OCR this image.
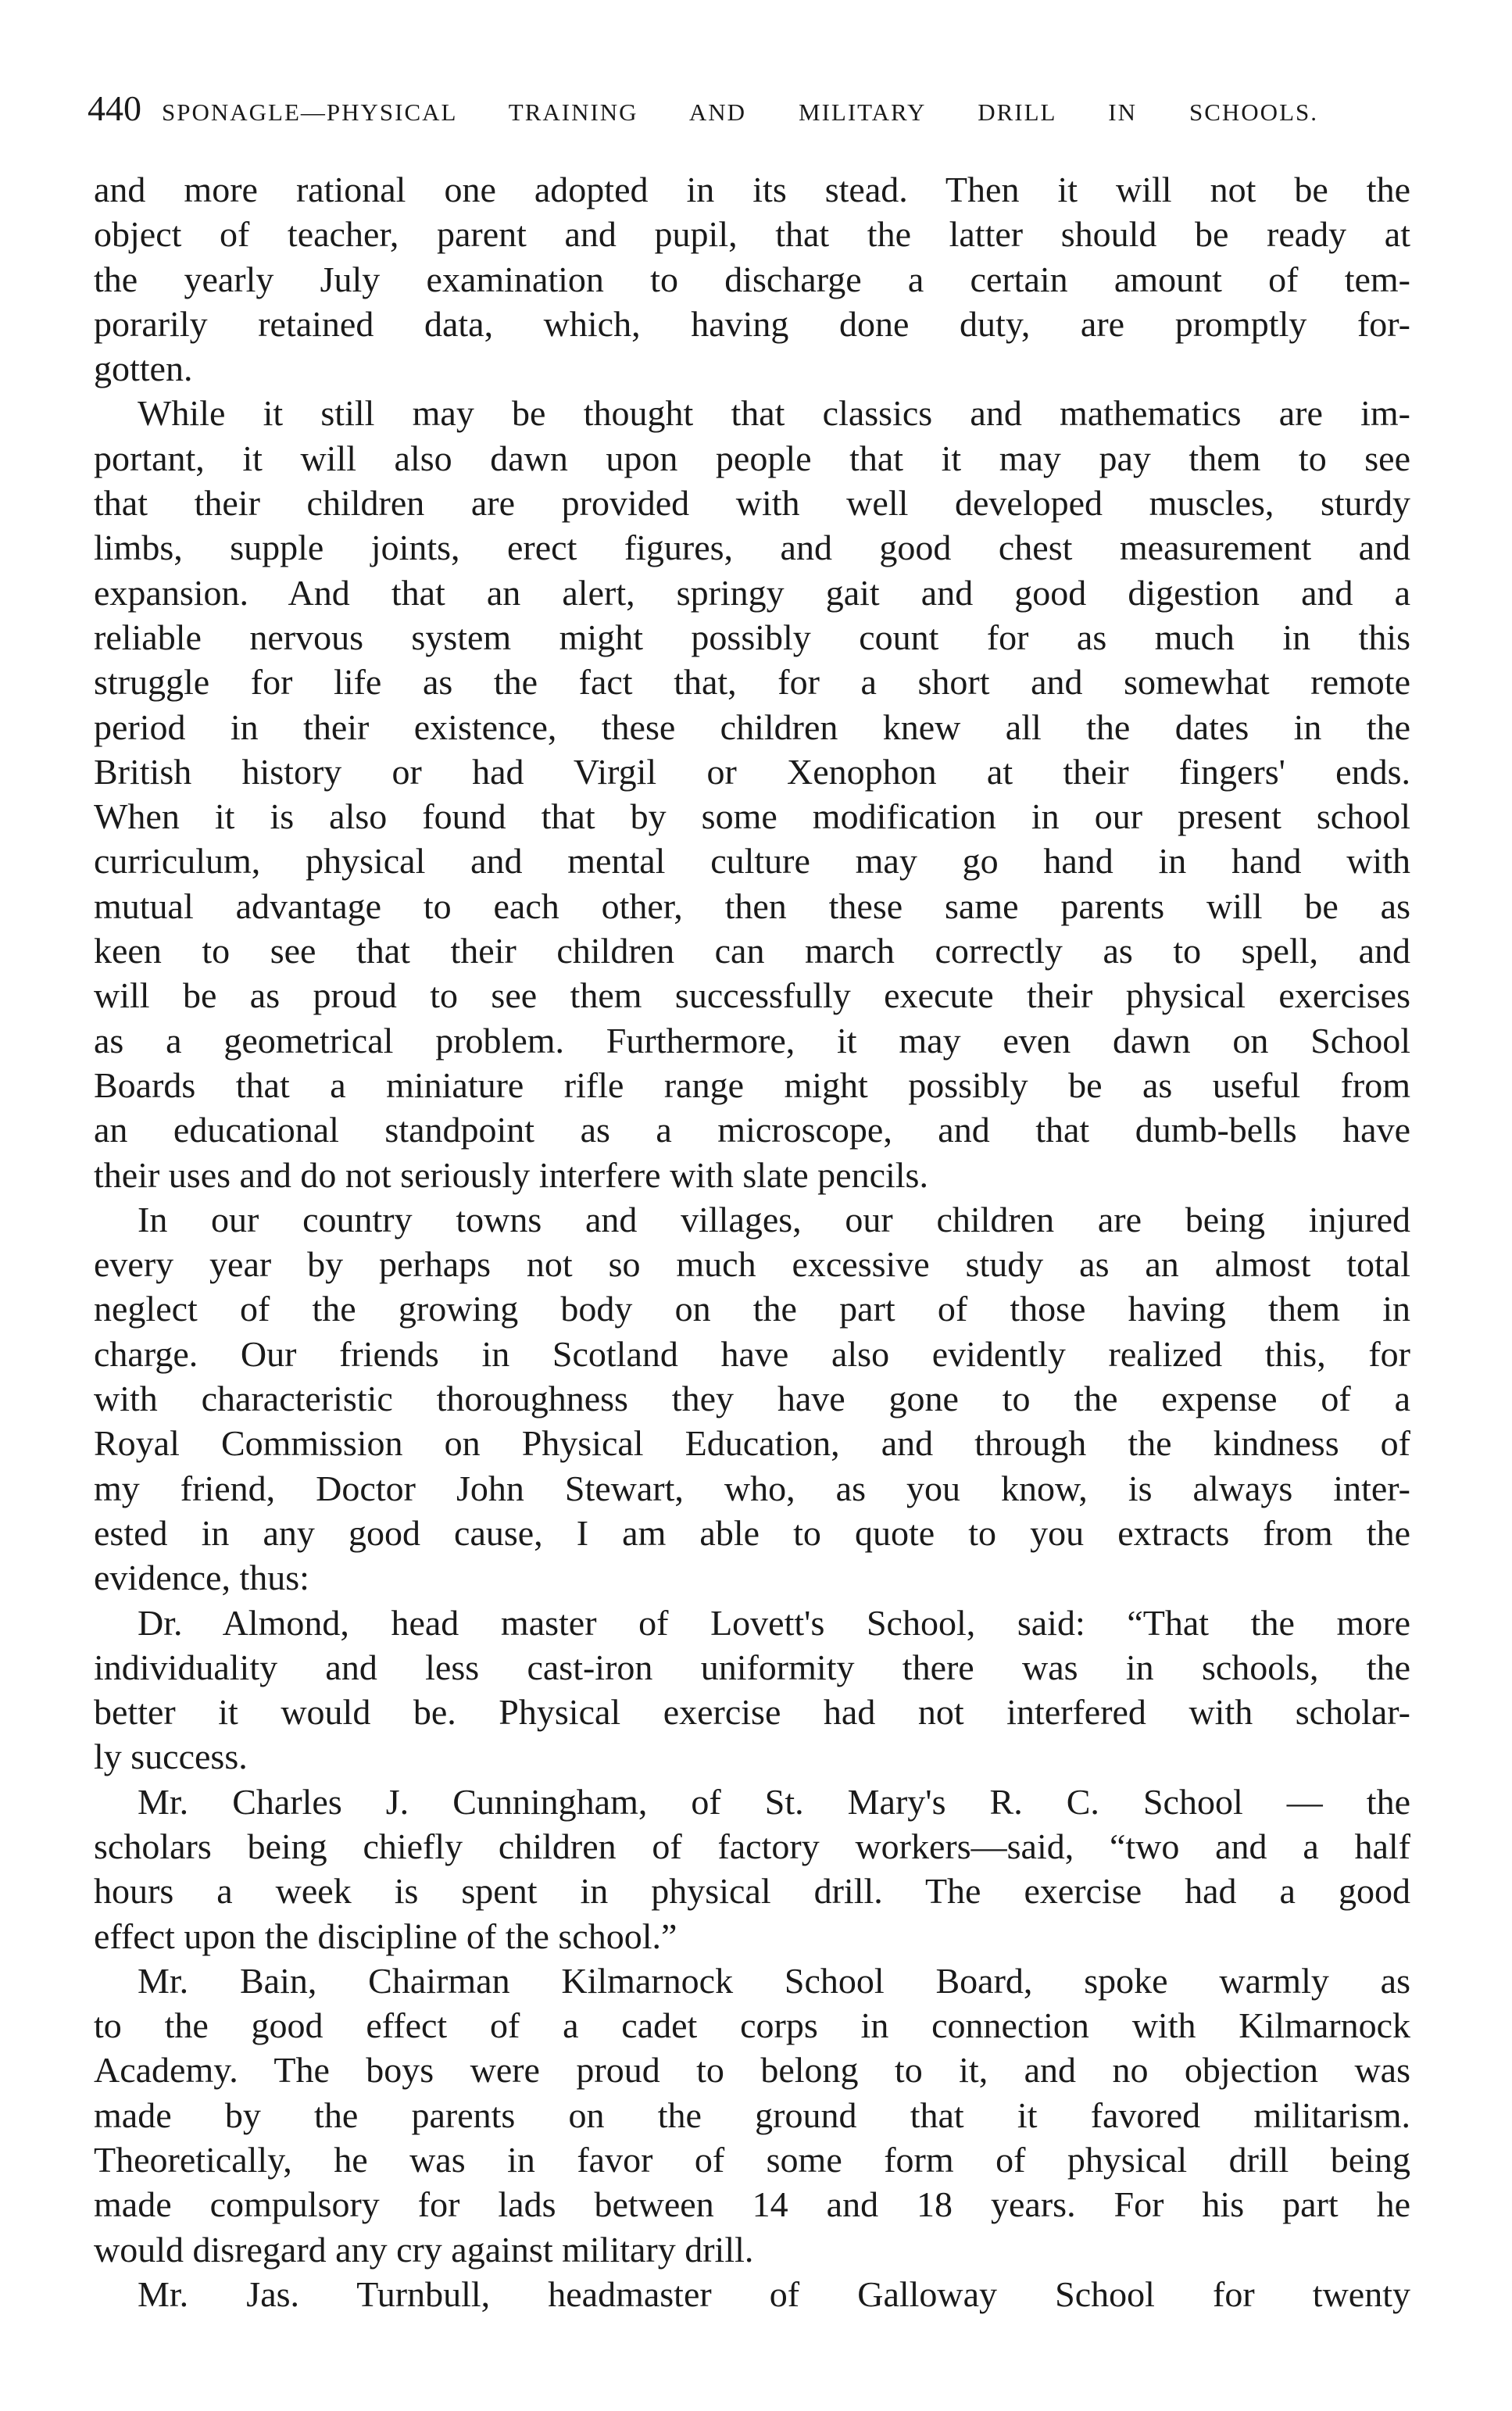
440 SPONAGLE—PHYSICAL TRAINING AND MILITARY DRILL IN SCHOOLS.
and more rational one adopted in its stead. Then it will not be the
object of teacher, parent and pupil, that the latter should be ready at
the yearly July examination to discharge a certain amount of tem-
porarily retained data, which, having done duty, are promptly for-
gotten.
While it still may be thought that classics and mathematics are im-
portant, it will also dawn upon people that it may pay them to see
that their children are provided with well developed muscles, sturdy
limbs, supple joints, erect figures, and good chest measurement and
expansion. And that an alert, springy gait and good digestion and a
reliable nervous system might possibly count for as much in this
struggle for life as the fact that, for a short and somewhat remote
period in their existence, these children knew all the dates in the
British history or had Virgil or Xenophon at their fingers' ends.
When it is also found that by some modification in our present school
curriculum, physical and mental culture may go hand in hand with
mutual advantage to each other, then these same parents will be as
keen to see that their children can march correctly as to spell, and
will be as proud to see them successfully execute their physical exercises
as a geometrical problem. Furthermore, it may even dawn on School
Boards that a miniature rifle range might possibly be as useful from
an educational standpoint as a microscope, and that dumb-bells have
their uses and do not seriously interfere with slate pencils.
In our country towns and villages, our children are being injured
every year by perhaps not so much excessive study as an almost total
neglect of the growing body on the part of those having them in
charge. Our friends in Scotland have also evidently realized this, for
with characteristic thoroughness they have gone to the expense of a
Royal Commission on Physical Education, and through the kindness of
my friend, Doctor John Stewart, who, as you know, is always inter-
ested in any good cause, I am able to quote to you extracts from the
evidence, thus:
Dr. Almond, head master of Lovett's School, said: “That the more
individuality and less cast-iron uniformity there was in schools, the
better it would be. Physical exercise had not interfered with scholar-
ly success.
Mr. Charles J. Cunningham, of St. Mary's R. C. School — the
scholars being chiefly children of factory workers—said, “two and a half
hours a week is spent in physical drill. The exercise had a good
effect upon the discipline of the school.”
Mr. Bain, Chairman Kilmarnock School Board, spoke warmly as
to the good effect of a cadet corps in connection with Kilmarnock
Academy. The boys were proud to belong to it, and no objection was
made by the parents on the ground that it favored militarism.
Theoretically, he was in favor of some form of physical drill being
made compulsory for lads between 14 and 18 years. For his part he
would disregard any cry against military drill.
Mr. Jas. Turnbull, headmaster of Galloway School for twenty
